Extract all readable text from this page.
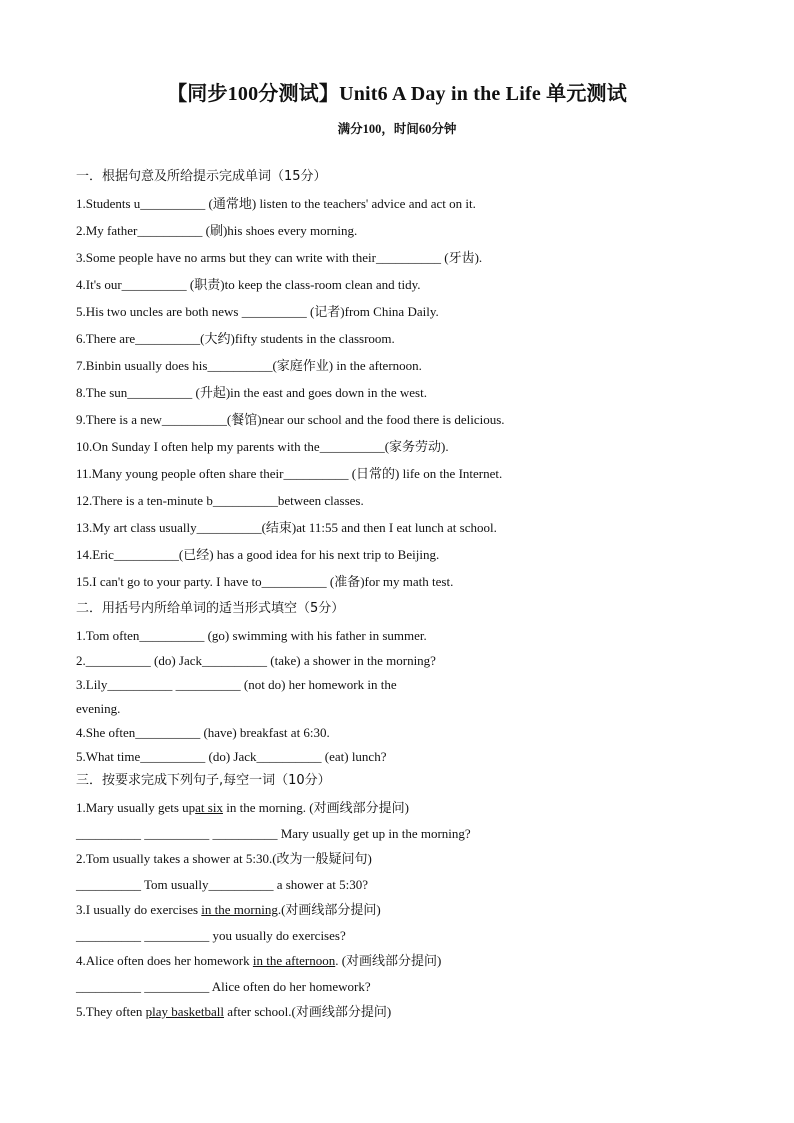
【同步100分测试】Unit6 A Day in the Life 单元测试
满分100，时间60分钟
一．根据句意及所给提示完成单词（15分）
1.Students u__________ (通常地) listen to the teachers' advice and act on it.
2.My father__________ (刷)his shoes every morning.
3.Some people have no arms but they can write with their__________ (牙齿).
4.It's our__________ (职责)to keep the class-room clean and tidy.
5.His two uncles are both news __________ (记者)from China Daily.
6.There are__________(大约)fifty students in the classroom.
7.Binbin usually does his__________(家庭作业) in the afternoon.
8.The sun__________ (升起)in the east and goes down in the west.
9.There is a new__________(餐馆)near our school and the food there is delicious.
10.On Sunday I often help my parents with the__________(家务劳动).
11.Many young people often share their__________ (日常的) life on the Internet.
12.There is a ten-minute b__________between classes.
13.My art class usually__________(结束)at 11:55 and then I eat lunch at school.
14.Eric__________(已经) has a good idea for his next trip to Beijing.
15.I can't go to your party. I have to__________ (准备)for my math test.
二．用括号内所给单词的适当形式填空（5分）
1.Tom often__________ (go) swimming with his father in summer.
2.__________ (do) Jack__________ (take) a shower in the morning?
3.Lily__________ __________ (not do) her homework in the
evening.
4.She often__________ (have) breakfast at 6:30.
5.What time__________ (do) Jack__________ (eat) lunch?
三．按要求完成下列句子,每空一词（10分）
1.Mary usually gets upat six in the morning. (对画线部分提问)
__________ __________ __________ Mary usually get up in the morning?
2.Tom usually takes a shower at 5:30.(改为一般疑问句)
__________ Tom usually__________ a shower at 5:30?
3.I usually do exercises in the morning.(对画线部分提问)
__________ __________ you usually do exercises?
4.Alice often does her homework in the afternoon. (对画线部分提问)
__________ __________ Alice often do her homework?
5.They often play basketball after school.(对画线部分提问)
